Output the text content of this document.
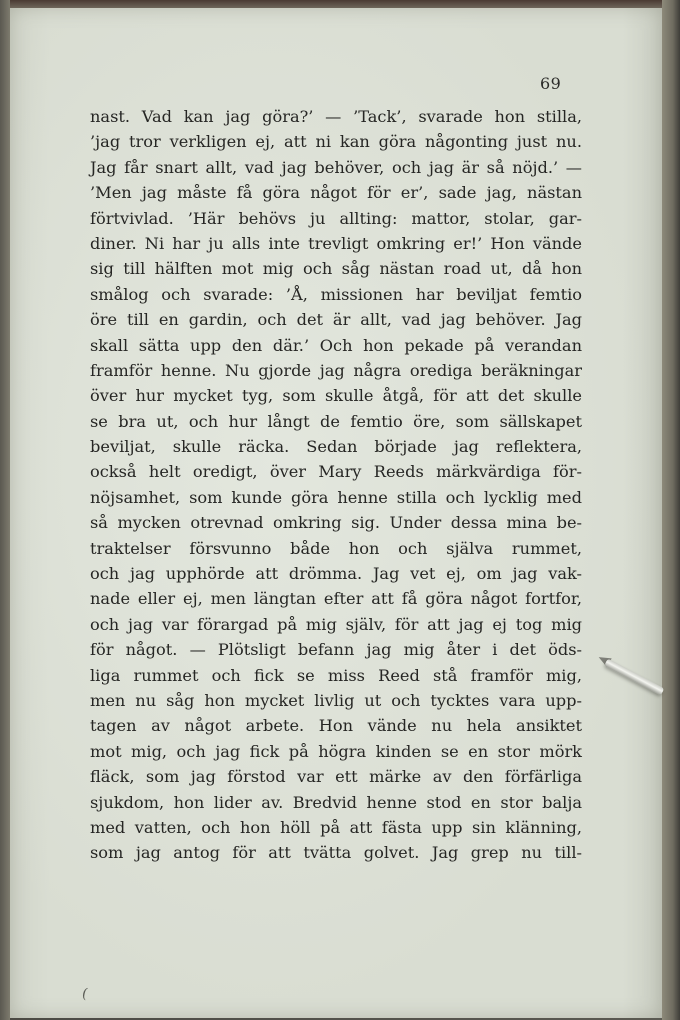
69
nast. Vad kan jag göra?’ — ’Tack’, svarade hon stilla,
’jag tror verkligen ej, att ni kan göra någonting just nu.
Jag får snart allt, vad jag behöver, och jag är så nöjd.’ —
’Men jag måste få göra något för er’, sade jag, nästan
förtvivlad. ’Här behövs ju allting: mattor, stolar, gar-
diner. Ni har ju alls inte trevligt omkring er!’ Hon vände
sig till hälften mot mig och såg nästan road ut, då hon
smålog och svarade: ’Å, missionen har beviljat femtio
öre till en gardin, och det är allt, vad jag behöver. Jag
skall sätta upp den där.’ Och hon pekade på verandan
framför henne. Nu gjorde jag några orediga beräkningar
över hur mycket tyg, som skulle åtgå, för att det skulle
se bra ut, och hur långt de femtio öre, som sällskapet
beviljat, skulle räcka. Sedan började jag reflektera,
också helt oredigt, över Mary Reeds märkvärdiga för-
nöjsamhet, som kunde göra henne stilla och lycklig med
så mycken otrevnad omkring sig. Under dessa mina be-
traktelser försvunno både hon och själva rummet,
och jag upphörde att drömma. Jag vet ej, om jag vak-
nade eller ej, men längtan efter att få göra något fortfor,
och jag var förargad på mig själv, för att jag ej tog mig
för något. — Plötsligt befann jag mig åter i det öds-
liga rummet och fick se miss Reed stå framför mig,
men nu såg hon mycket livlig ut och tycktes vara upp-
tagen av något arbete. Hon vände nu hela ansiktet
mot mig, och jag fick på högra kinden se en stor mörk
fläck, som jag förstod var ett märke av den förfärliga
sjukdom, hon lider av. Bredvid henne stod en stor balja
med vatten, och hon höll på att fästa upp sin klänning,
som jag antog för att tvätta golvet. Jag grep nu till-
(
